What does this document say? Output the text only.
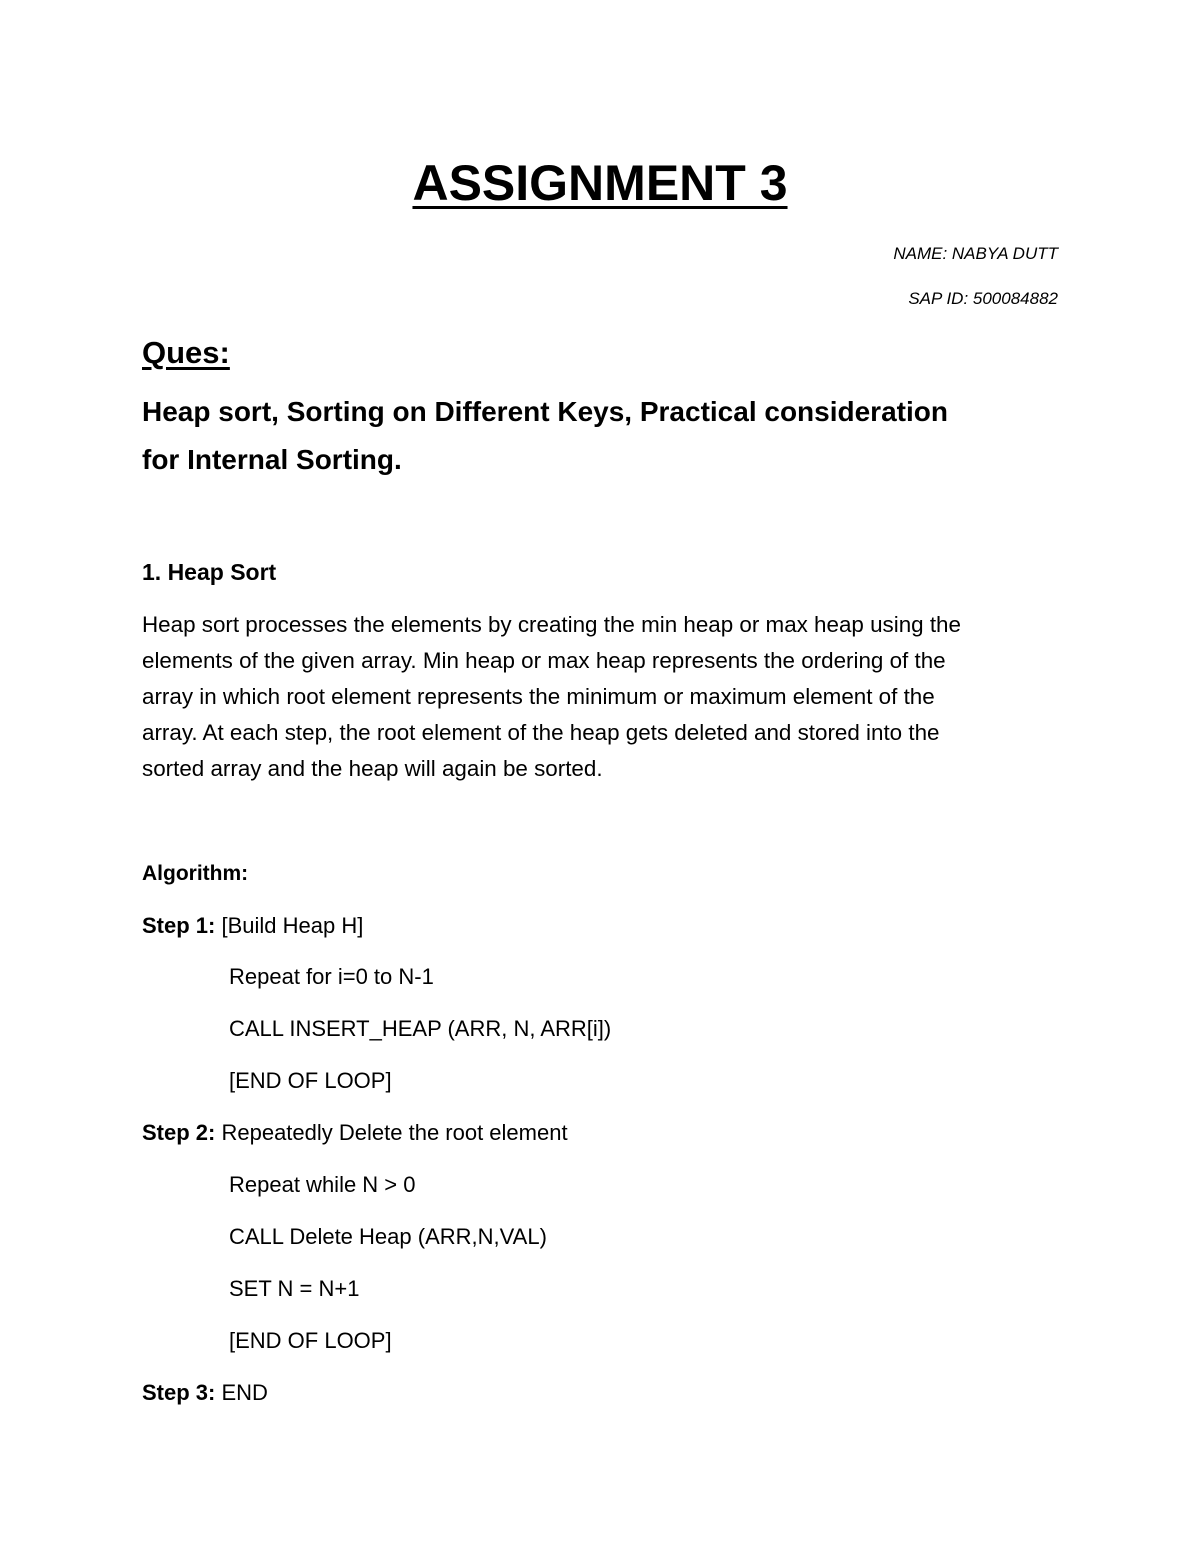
ASSIGNMENT 3

NAME: NABYA DUTT

SAP ID: 500084882

Ques:

Heap sort, Sorting on Different Keys, Practical consideration

for Internal Sorting.

1. Heap Sort

Heap sort processes the elements by creating the min heap or max heap using the

elements of the given array. Min heap or max heap represents the ordering of the

array in which root element represents the minimum or maximum element of the

array. At each step, the root element of the heap gets deleted and stored into the

sorted array and the heap will again be sorted.

Algorithm:

Step 1: [Build Heap H]

Repeat for i=0 to N-1

CALL INSERT_HEAP (ARR, N, ARR[i])

[END OF LOOP]

Step 2: Repeatedly Delete the root element

Repeat while N > 0

CALL Delete Heap (ARR,N,VAL)

SET N = N+1

[END OF LOOP]

Step 3: END
